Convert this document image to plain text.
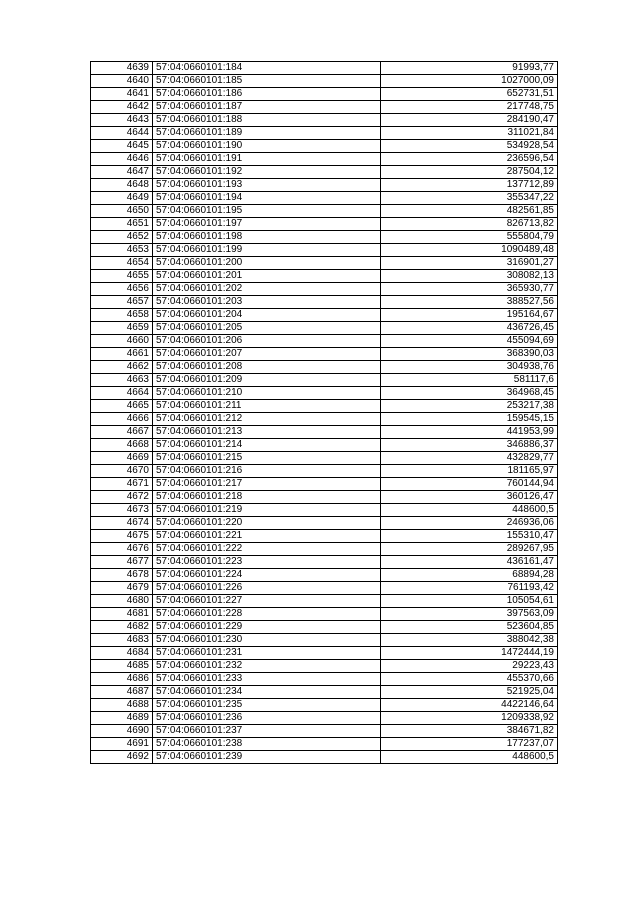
4639	57:04:0660101:184	91993,77
4640	57:04:0660101:185	1027000,09
4641	57:04:0660101:186	652731,51
4642	57:04:0660101:187	217748,75
4643	57:04:0660101:188	284190,47
4644	57:04:0660101:189	311021,84
4645	57:04:0660101:190	534928,54
4646	57:04:0660101:191	236596,54
4647	57:04:0660101:192	287504,12
4648	57:04:0660101:193	137712,89
4649	57:04:0660101:194	355347,22
4650	57:04:0660101:195	482561,85
4651	57:04:0660101:197	826713,82
4652	57:04:0660101:198	555804,79
4653	57:04:0660101:199	1090489,48
4654	57:04:0660101:200	316901,27
4655	57:04:0660101:201	308082,13
4656	57:04:0660101:202	365930,77
4657	57:04:0660101:203	388527,56
4658	57:04:0660101:204	195164,67
4659	57:04:0660101:205	436726,45
4660	57:04:0660101:206	455094,69
4661	57:04:0660101:207	368390,03
4662	57:04:0660101:208	304938,76
4663	57:04:0660101:209	581117,6
4664	57:04:0660101:210	364968,45
4665	57:04:0660101:211	253217,38
4666	57:04:0660101:212	159545,15
4667	57:04:0660101:213	441953,99
4668	57:04:0660101:214	346886,37
4669	57:04:0660101:215	432829,77
4670	57:04:0660101:216	181165,97
4671	57:04:0660101:217	760144,94
4672	57:04:0660101:218	360126,47
4673	57:04:0660101:219	448600,5
4674	57:04:0660101:220	246936,06
4675	57:04:0660101:221	155310,47
4676	57:04:0660101:222	289267,95
4677	57:04:0660101:223	436161,47
4678	57:04:0660101:224	68894,28
4679	57:04:0660101:226	761193,42
4680	57:04:0660101:227	105054,61
4681	57:04:0660101:228	397563,09
4682	57:04:0660101:229	523604,85
4683	57:04:0660101:230	388042,38
4684	57:04:0660101:231	1472444,19
4685	57:04:0660101:232	29223,43
4686	57:04:0660101:233	455370,66
4687	57:04:0660101:234	521925,04
4688	57:04:0660101:235	4422146,64
4689	57:04:0660101:236	1209338,92
4690	57:04:0660101:237	384671,82
4691	57:04:0660101:238	177237,07
4692	57:04:0660101:239	448600,5
